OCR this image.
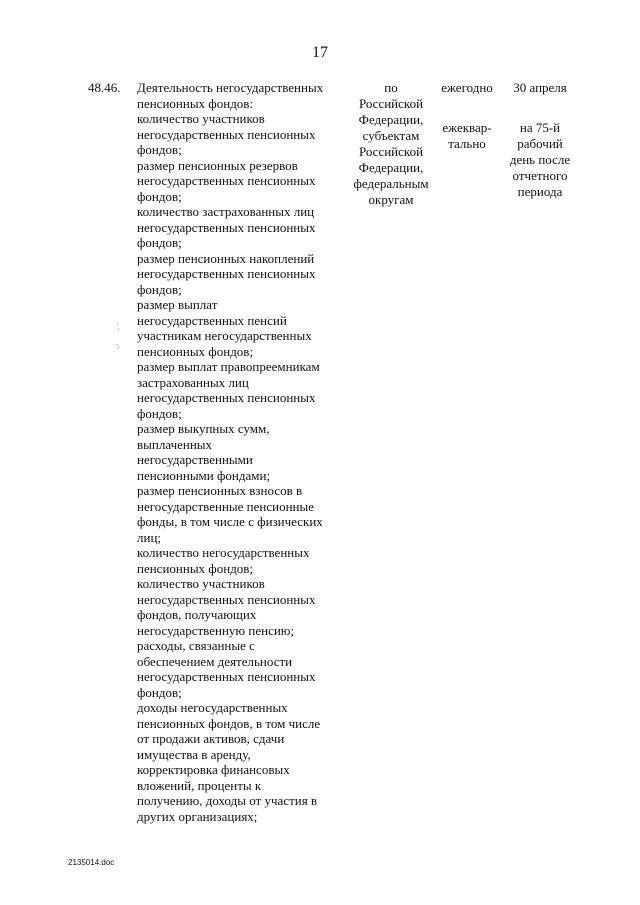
17
48.46. Деятельность негосударственных
пенсионных фондов:
количество участников
негосударственных пенсионных
фондов;
размер пенсионных резервов
негосударственных пенсионных
фондов;
количество застрахованных лиц
негосударственных пенсионных
фондов;
размер пенсионных накоплений
негосударственных пенсионных
фондов;
размер выплат
негосударственных пенсий
участникам негосударственных
пенсионных фондов;
размер выплат правопреемникам
застрахованных лиц
негосударственных пенсионных
фондов;
размер выкупных сумм,
выплаченных
негосударственными
пенсионными фондами;
размер пенсионных взносов в
негосударственные пенсионные
фонды, в том числе с физических
лиц;
количество негосударственных
пенсионных фондов;
количество участников
негосударственных пенсионных
фондов, получающих
негосударственную пенсию;
расходы, связанные с
обеспечением деятельности
негосударственных пенсионных
фондов;
доходы негосударственных
пенсионных фондов, в том числе
от продажи активов, сдачи
имущества в аренду,
корректировка финансовых
вложений, проценты к
получению, доходы от участия в
других организациях;
по
Российской
Федерации,
субъектам
Российской
Федерации,
федеральным
округам
ежегодно
ежеквар-
тально
30 апреля
на 75-й
рабочий
день после
отчетного
периода
2135014.doc
